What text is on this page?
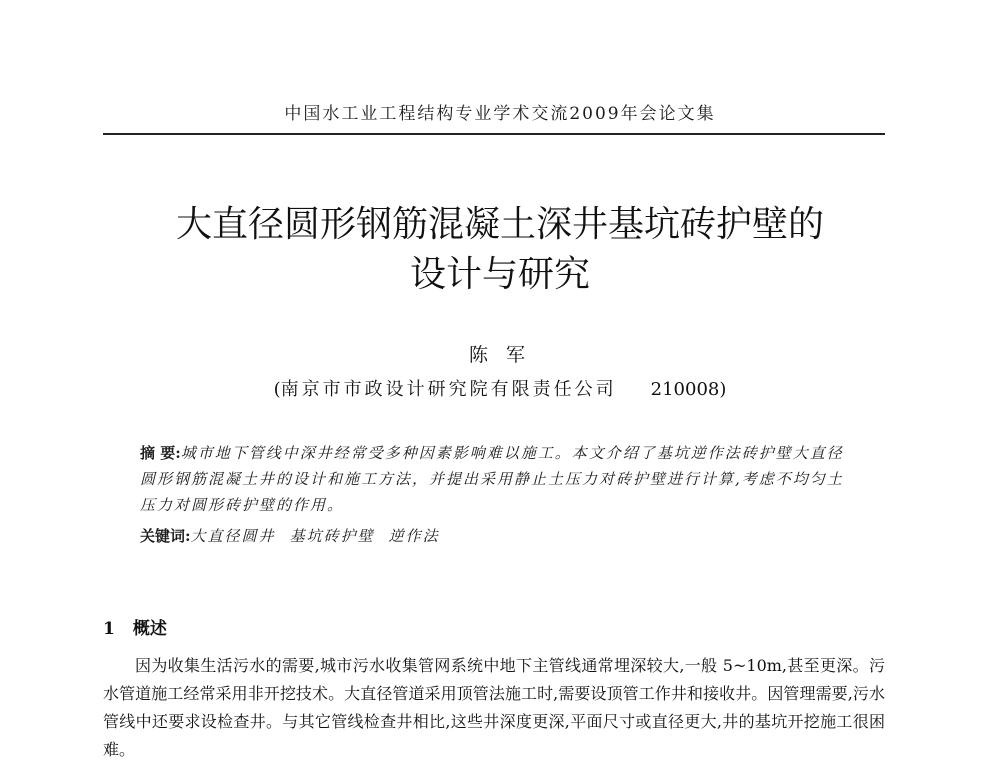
中国水工业工程结构专业学术交流2009年会论文集
大直径圆形钢筋混凝土深井基坑砖护壁的
设计与研究
陈 军
(南京市市政设计研究院有限责任公司 210008)
摘 要:城市地下管线中深井经常受多种因素影响难以施工。本文介绍了基坑逆作法砖护壁大直径圆形钢筋混凝土井的设计和施工方法，并提出采用静止土压力对砖护壁进行计算,考虑不均匀土压力对圆形砖护壁的作用。
关键词:大直径圆井 基坑砖护壁 逆作法
1 概述
因为收集生活污水的需要,城市污水收集管网系统中地下主管线通常埋深较大,一般 5~10m,甚至更深。污水管道施工经常采用非开挖技术。大直径管道采用顶管法施工时,需要设顶管工作井和接收井。因管理需要,污水管线中还要求设检查井。与其它管线检查井相比,这些井深度更深,平面尺寸或直径更大,井的基坑开挖施工很困难。
